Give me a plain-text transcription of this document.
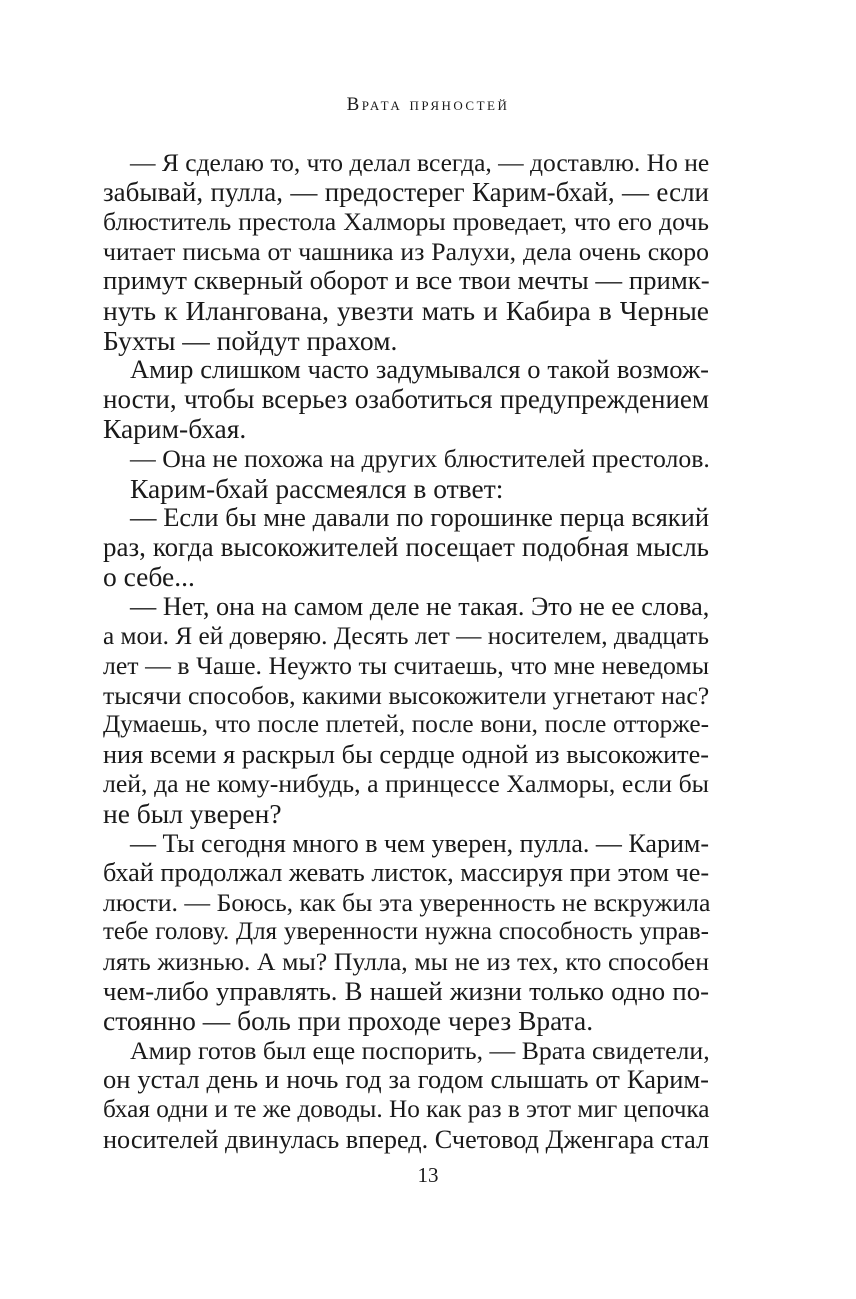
Врата пряностей
— Я сделаю то, что делал всегда, — доставлю. Но не
забывай, пулла, — предостерег Карим-бхай, — если
блюститель престола Халморы проведает, что его дочь
читает письма от чашника из Ралухи, дела очень скоро
примут скверный оборот и все твои мечты — примк-
нуть к Илангована, увезти мать и Кабира в Черные
Бухты — пойдут прахом.
Амир слишком часто задумывался о такой возмож-
ности, чтобы всерьез озаботиться предупреждением
Карим-бхая.
— Она не похожа на других блюстителей престолов.
Карим-бхай рассмеялся в ответ:
— Если бы мне давали по горошинке перца всякий
раз, когда высокожителей посещает подобная мысль
о себе...
— Нет, она на самом деле не такая. Это не ее слова,
а мои. Я ей доверяю. Десять лет — носителем, двадцать
лет — в Чаше. Неужто ты считаешь, что мне неведомы
тысячи способов, какими высокожители угнетают нас?
Думаешь, что после плетей, после вони, после отторже-
ния всеми я раскрыл бы сердце одной из высокожите-
лей, да не кому-нибудь, а принцессе Халморы, если бы
не был уверен?
— Ты сегодня много в чем уверен, пулла. — Карим-
бхай продолжал жевать листок, массируя при этом че-
люсти. — Боюсь, как бы эта уверенность не вскружила
тебе голову. Для уверенности нужна способность управ-
лять жизнью. А мы? Пулла, мы не из тех, кто способен
чем-либо управлять. В нашей жизни только одно по-
стоянно — боль при проходе через Врата.
Амир готов был еще поспорить, — Врата свидетели,
он устал день и ночь год за годом слышать от Карим-
бхая одни и те же доводы. Но как раз в этот миг цепочка
носителей двинулась вперед. Счетовод Дженгара стал
13
